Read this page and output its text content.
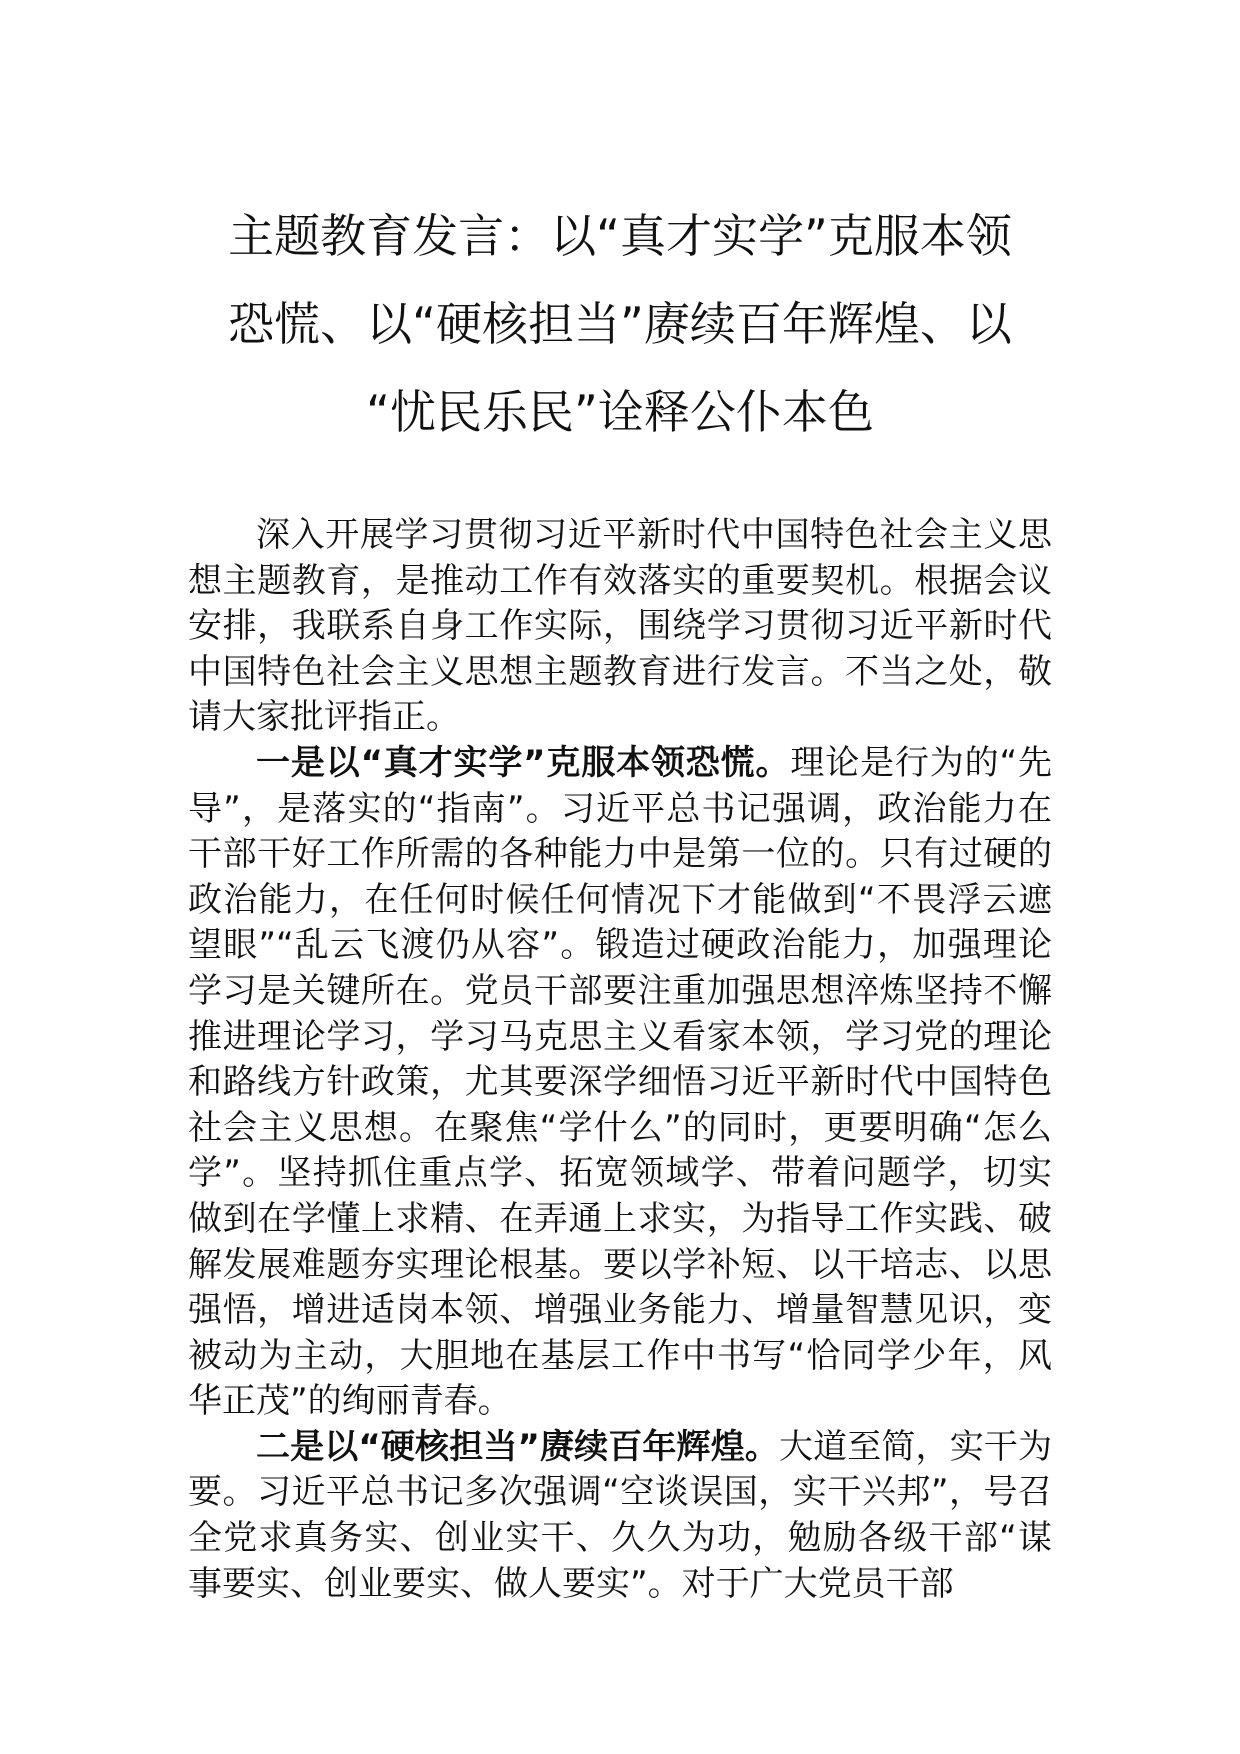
主题教育发言：以“真才实学”克服本领
恐慌、以“硬核担当”赓续百年辉煌、以
“忧民乐民”诠释公仆本色

深入开展学习贯彻习近平新时代中国特色社会主义思想主题教育，是推动工作有效落实的重要契机。根据会议安排，我联系自身工作实际，围绕学习贯彻习近平新时代中国特色社会主义思想主题教育进行发言。不当之处，敬请大家批评指正。

一是以“真才实学”克服本领恐慌。理论是行为的“先导”，是落实的“指南”。习近平总书记强调，政治能力在干部干好工作所需的各种能力中是第一位的。只有过硬的政治能力，在任何时候任何情况下才能做到“不畏浮云遮望眼”“乱云飞渡仍从容”。锻造过硬政治能力，加强理论学习是关键所在。党员干部要注重加强思想淬炼坚持不懈推进理论学习，学习马克思主义看家本领，学习党的理论和路线方针政策，尤其要深学细悟习近平新时代中国特色社会主义思想。在聚焦“学什么”的同时，更要明确“怎么学”。坚持抓住重点学、拓宽领域学、带着问题学，切实做到在学懂上求精、在弄通上求实，为指导工作实践、破解发展难题夯实理论根基。要以学补短、以干培志、以思强悟，增进适岗本领、增强业务能力、增量智慧见识，变被动为主动，大胆地在基层工作中书写“恰同学少年，风华正茂”的绚丽青春。

二是以“硬核担当”赓续百年辉煌。大道至简，实干为要。习近平总书记多次强调“空谈误国，实干兴邦”，号召全党求真务实、创业实干、久久为功，勉励各级干部“谋事要实、创业要实、做人要实”。对于广大党员干部
